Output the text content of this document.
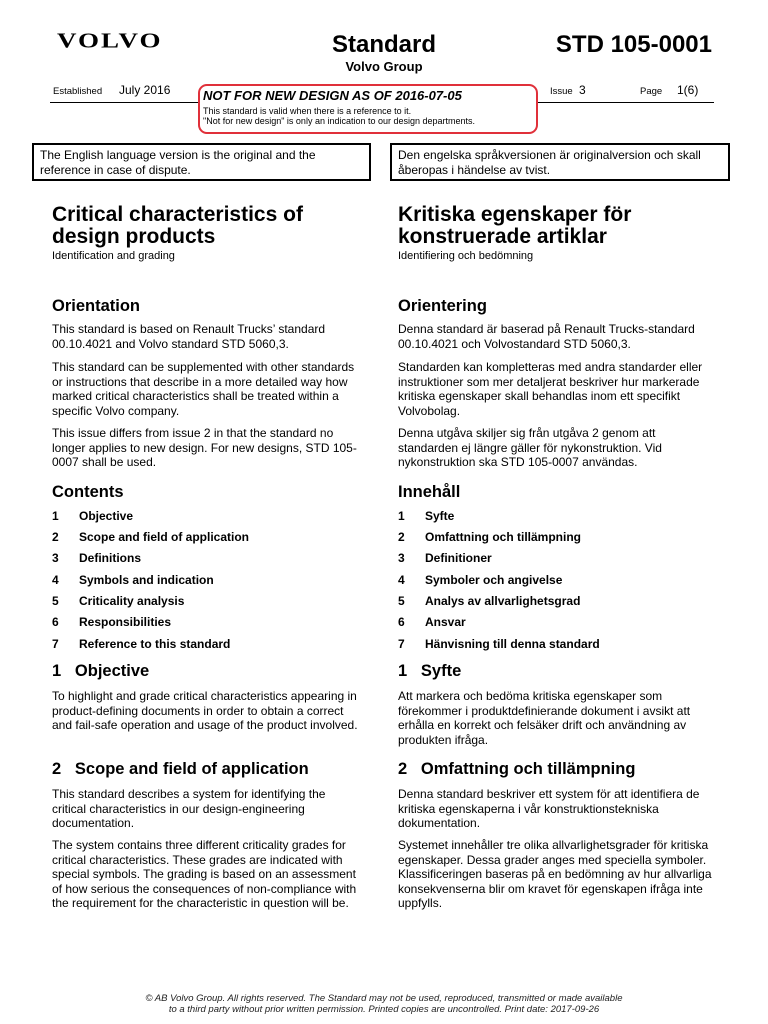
VOLVO	Standard
Volvo Group
STD 105-0001
Established July 2016	Issue 3	Page 1(6)
NOT FOR NEW DESIGN AS OF 2016-07-05
This standard is valid when there is a reference to it.
"Not for new design" is only an indication to our design departments.
The English language version is the original and the reference in case of dispute.
Den engelska språkversionen är originalversion och skall åberopas i händelse av tvist.
Critical characteristics of design products
Identification and grading
Orientation

This standard is based on Renault Trucks’ standard 00.10.4021 and Volvo standard STD 5060,3.

This standard can be supplemented with other standards or instructions that describe in a more detailed way how marked critical characteristics shall be treated within a specific Volvo company.

This issue differs from issue 2 in that the standard no longer applies to new design. For new designs, STD 105-0007 shall be used.

Contents
1 Objective
2 Scope and field of application
3 Definitions
4 Symbols and indication
5 Criticality analysis
6 Responsibilities
7 Reference to this standard
1   Objective

To highlight and grade critical characteristics appearing in product-defining documents in order to obtain a correct and fail-safe operation and usage of the product involved.

2   Scope and field of application

This standard describes a system for identifying the critical characteristics in our design-engineering documentation.

The system contains three different criticality grades for critical characteristics. These grades are indicated with special symbols. The grading is based on an assessment of how serious the consequences of non-compliance with the requirement for the characteristic in question will be.

Kritiska egenskaper för konstruerade artiklar
Identifiering och bedömning
Orientering

Denna standard är baserad på Renault Trucks-standard 00.10.4021 och Volvostandard STD 5060,3.

Standarden kan kompletteras med andra standarder eller instruktioner som mer detaljerat beskriver hur markerade kritiska egenskaper skall behandlas inom ett specifikt Volvobolag.

Denna utgåva skiljer sig från utgåva 2 genom att standarden ej längre gäller för nykonstruktion. Vid nykonstruktion ska STD 105-0007 användas.

Innehåll
1 Syfte
2 Omfattning och tillämpning
3 Definitioner
4 Symboler och angivelse
5 Analys av allvarlighetsgrad
6 Ansvar
7 Hänvisning till denna standard
1   Syfte

Att markera och bedöma kritiska egenskaper som förekommer i produktdefinierande dokument i avsikt att erhålla en korrekt och felsäker drift och användning av produkten ifråga.

2   Omfattning och tillämpning

Denna standard beskriver ett system för att identifiera de kritiska egenskaperna i vår konstruktionstekniska dokumentation.

Systemet innehåller tre olika allvarlighetsgrader för kritiska egenskaper. Dessa grader anges med speciella symboler. Klassificeringen baseras på en bedömning av hur allvarliga konsekvenserna blir om kravet för egenskapen ifråga inte uppfylls.

© AB Volvo Group. All rights reserved. The Standard may not be used, reproduced, transmitted or made available
to a third party without prior written permission. Printed copies are uncontrolled. Print date: 2017-09-26
